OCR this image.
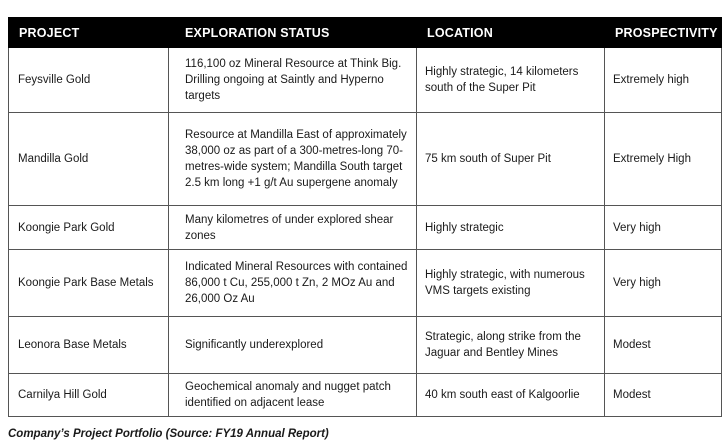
PROJECT	EXPLORATION STATUS	LOCATION	PROSPECTIVITY
Feysville Gold	116,100 oz Mineral Resource at Think Big. Drilling ongoing at Saintly and Hyperno targets	Highly strategic, 14 kilometers south of the Super Pit	Extremely high
Mandilla Gold	Resource at Mandilla East of approximately 38,000 oz as part of a 300-metres-long 70-metres-wide system; Mandilla South target 2.5 km long +1 g/t Au supergene anomaly	75 km south of Super Pit	Extremely High
Koongie Park Gold	Many kilometres of under explored shear zones	Highly strategic	Very high
Koongie Park Base Metals	Indicated Mineral Resources with contained 86,000 t Cu, 255,000 t Zn, 2 MOz Au and 26,000 Oz Au	Highly strategic, with numerous VMS targets existing	Very high
Leonora Base Metals	Significantly underexplored	Strategic, along strike from the Jaguar and Bentley Mines	Modest
Carnilya Hill Gold	Geochemical anomaly and nugget patch identified on adjacent lease	40 km south east of Kalgoorlie	Modest
Company’s Project Portfolio (Source: FY19 Annual Report)
